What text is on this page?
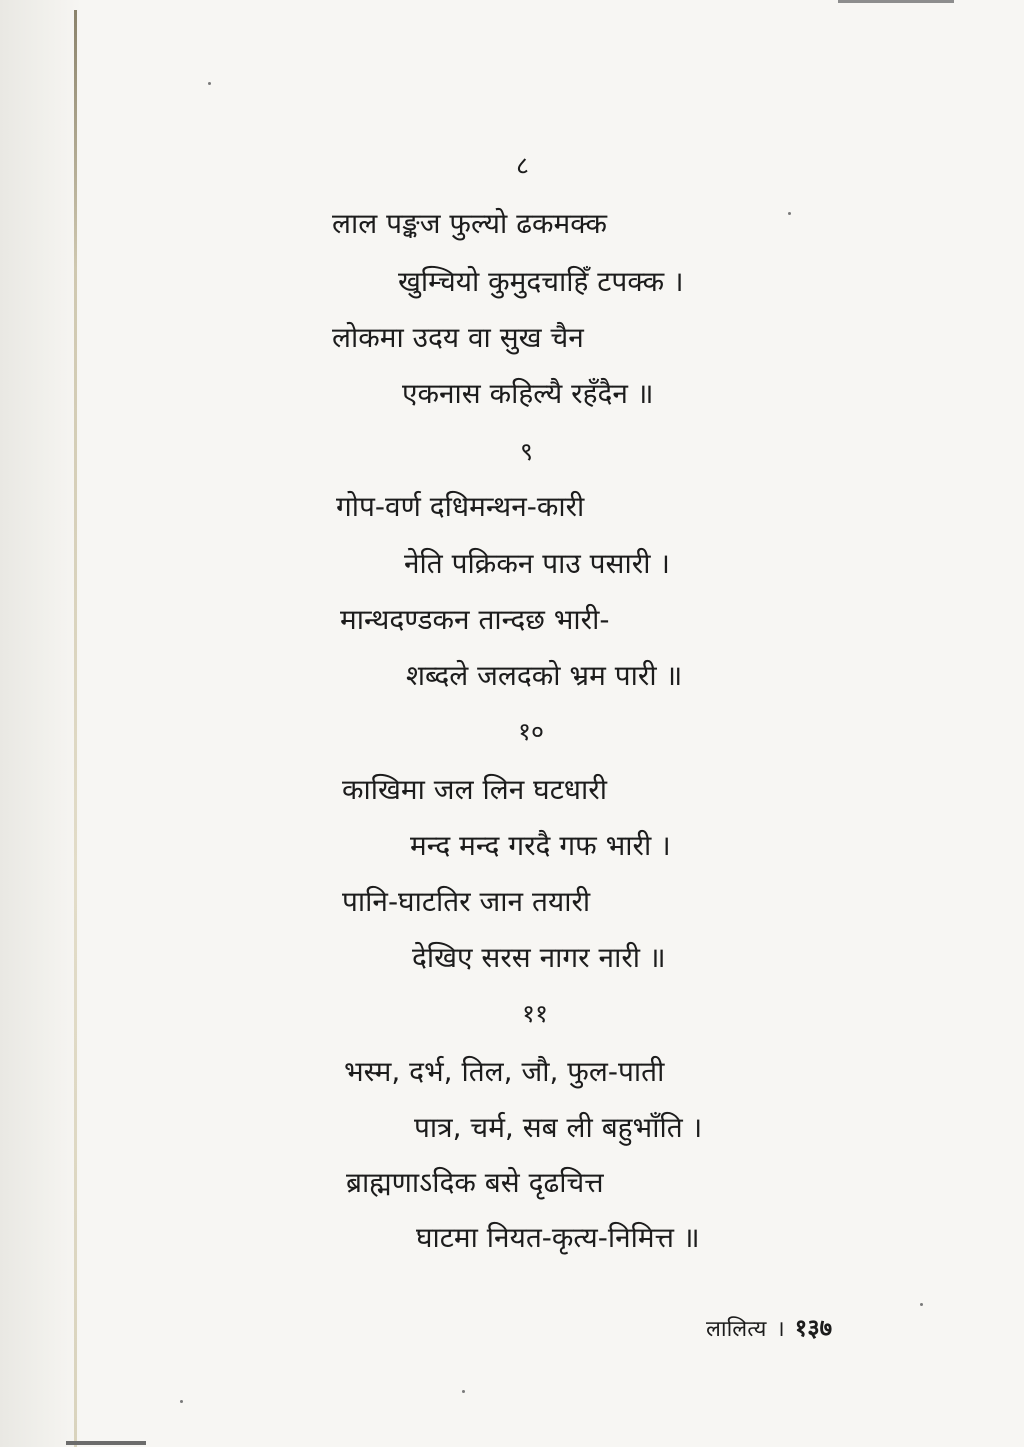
८
लाल पङ्कज फुल्यो ढकमक्क
खुम्चियो कुमुदचाहिँ टपक्क ।
लोकमा उदय वा सुख चैन
एकनास कहिल्यै रहँदैन ॥
९
गोप-वर्ण दधिमन्थन-कारी
नेति पक्रिकन पाउ पसारी ।
मान्थदण्डकन तान्दछ भारी-
शब्दले जलदको भ्रम पारी ॥
१०
काखिमा जल लिन घटधारी
मन्द मन्द गरदै गफ भारी ।
पानि-घाटतिर जान तयारी
देखिए सरस नागर नारी ॥
११
भस्म, दर्भ, तिल, जौ, फुल-पाती
पात्र, चर्म, सब ली बहुभाँति ।
ब्राह्मणाऽदिक बसे दृढचित्त
घाटमा नियत-कृत्य-निमित्त ॥
लालित्य । १३७
